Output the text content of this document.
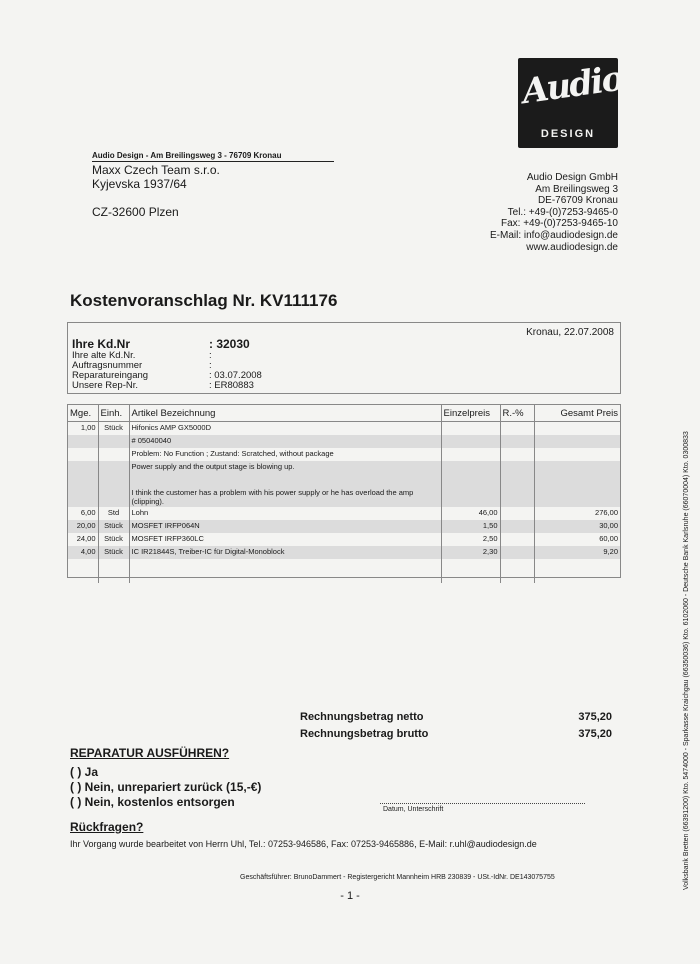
Audio
DESIGN
Audio Design - Am Breilingsweg 3 - 76709 Kronau
Maxx Czech Team s.r.o.
Kyjevska 1937/64
CZ-32600 Plzen
Audio Design GmbH
Am Breilingsweg 3
DE-76709 Kronau
Tel.: +49-(0)7253-9465-0
Fax: +49-(0)7253-9465-10
E-Mail: info@audiodesign.de
www.audiodesign.de
Kostenvoranschlag Nr. KV111176
Kronau, 22.07.2008
Ihre Kd.Nr	: 32030
Ihre alte Kd.Nr.	:
Auftragsnummer	:
Reparatureingang	: 03.07.2008
Unsere Rep-Nr.	: ER80883
Mge.	Einh.	Artikel Bezeichnung	Einzelpreis	R.-%	Gesamt Preis
1,00	Stück	Hifonics AMP GX5000D			
		# 05040040			
		Problem: No Function ; Zustand: Scratched, without package			
		Power supply and the output stage is blowing up.			

		I think the customer has a problem with his power supply or he has overload the amp (clipping).			
6,00	Std	Lohn	46,00		276,00
20,00	Stück	MOSFET IRFP064N	1,50		30,00
24,00	Stück	MOSFET IRFP360LC	2,50		60,00
4,00	Stück	IC IR21844S, Treiber-IC für Digital-Monoblock	2,30		9,20

Rechnungsbetrag netto	375,20
Rechnungsbetrag brutto	375,20
REPARATUR AUSFÜHREN?
( ) Ja
( ) Nein, unrepariert zurück (15,-€)
( ) Nein, kostenlos entsorgen
Datum, Unterschrift
Rückfragen?
Ihr Vorgang wurde bearbeitet von Herrn Uhl, Tel.: 07253-946586, Fax: 07253-9465886, E-Mail: r.uhl@audiodesign.de
Geschäftsführer: BrunoDammert - Registergericht Mannheim HRB 230839 - USt.-IdNr. DE143075755
- 1 -
Volksbank Bretten (66391200) Kto. 5474000 - Sparkasse Kraichgau (66350036) Kto. 6102060 - Deutsche Bank Karlsruhe (66070004) Kto. 0300833
